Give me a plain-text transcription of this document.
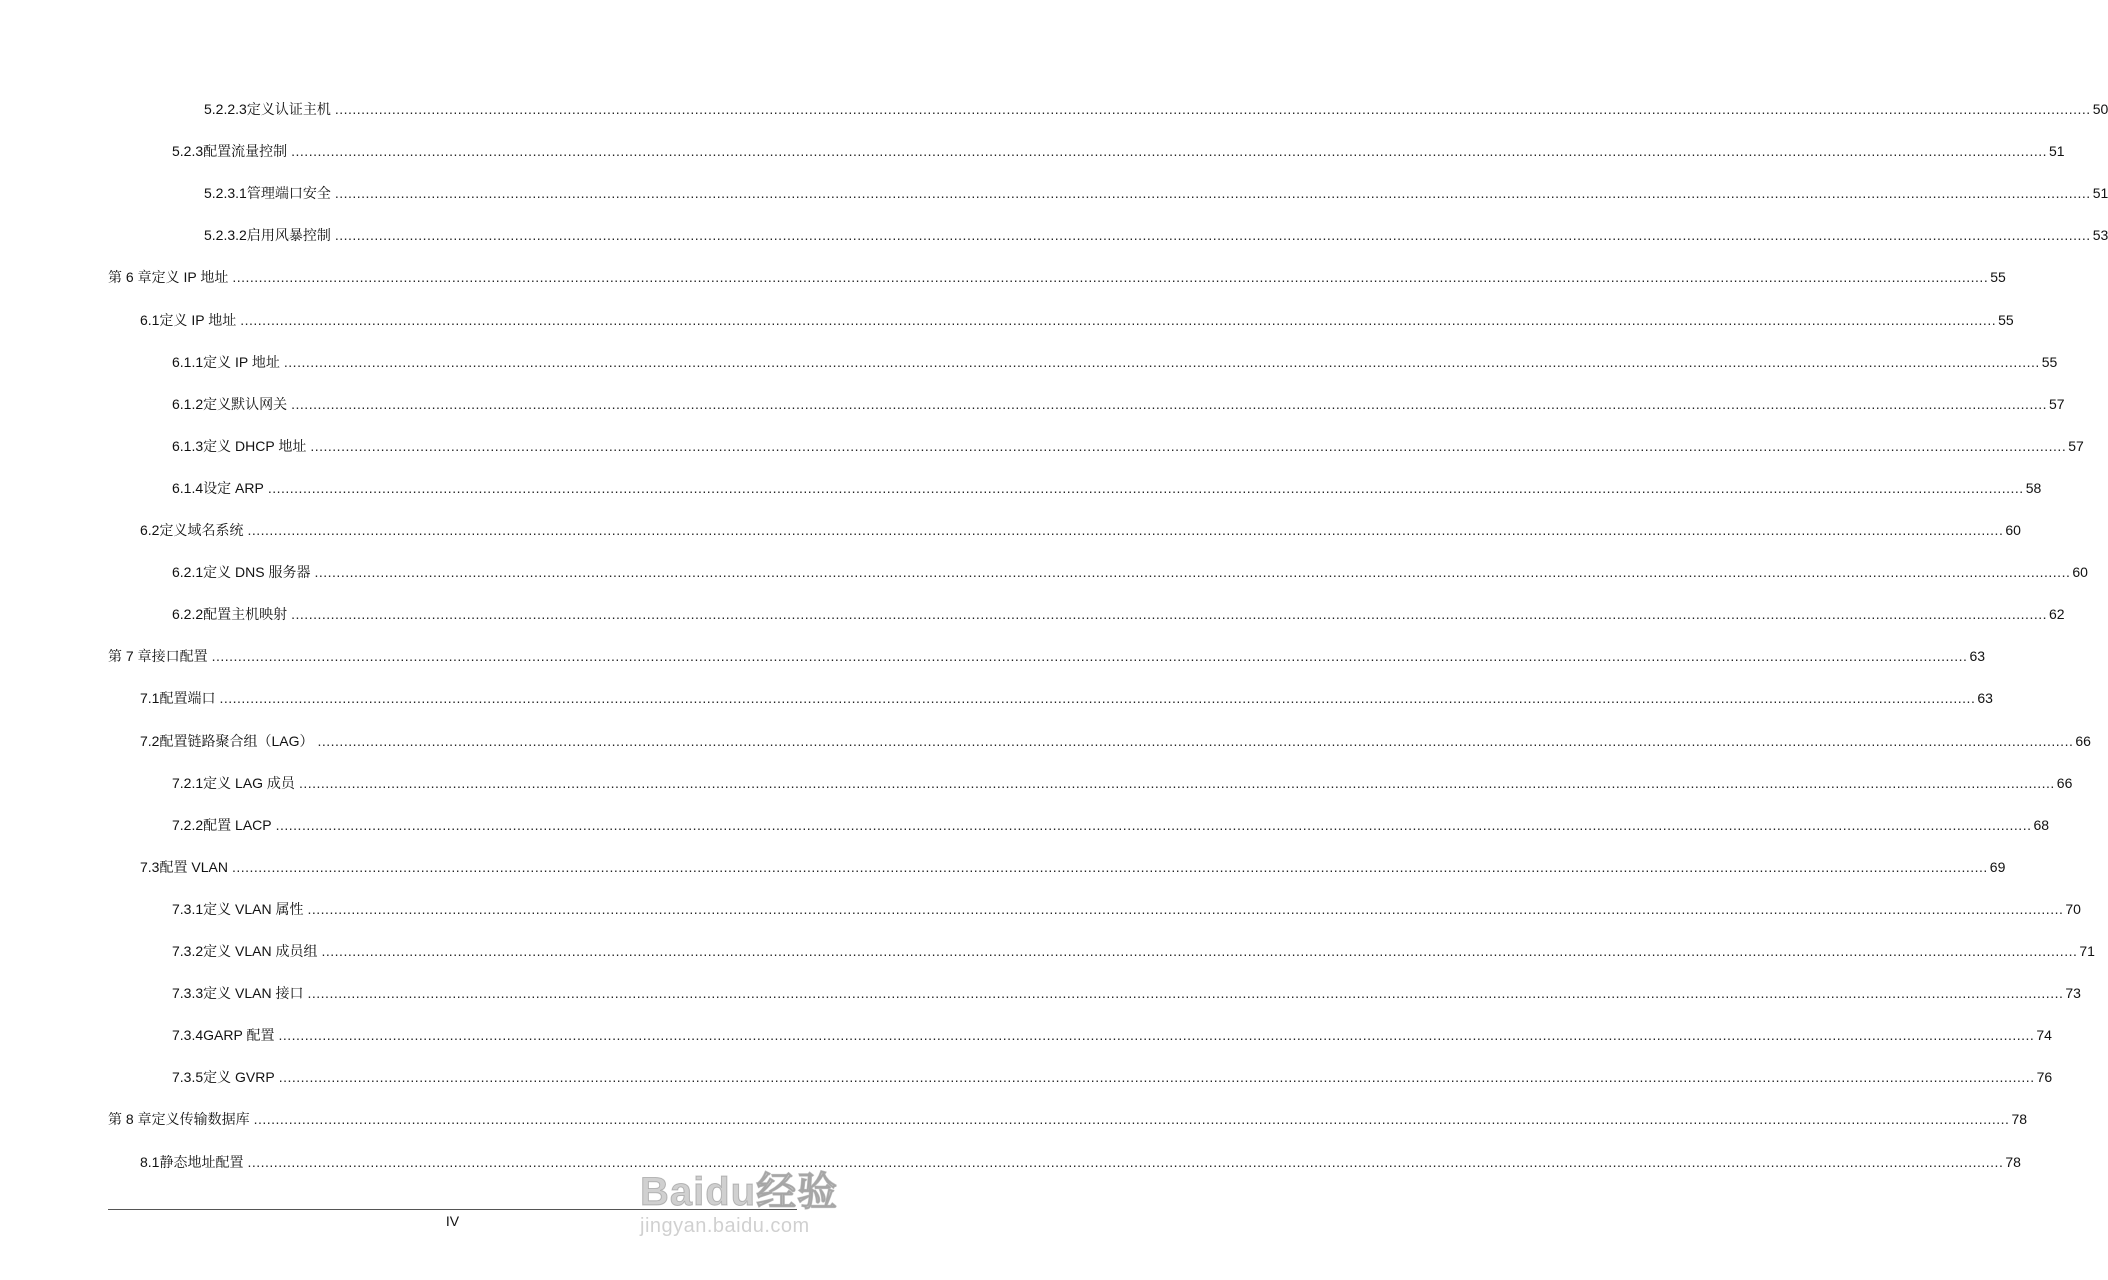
5.2.2.3 定义认证主机 ................................................................................................................................................................................................................................................................................................................................................................................................................ 50
5.2.3 配置流量控制 ................................................................................................................................................................................................................................................................................................................................................................................................................ 51
5.2.3.1 管理端口安全 ................................................................................................................................................................................................................................................................................................................................................................................................................ 51
5.2.3.2 启用风暴控制 ................................................................................................................................................................................................................................................................................................................................................................................................................ 53
第 6 章 定义 IP 地址 ................................................................................................................................................................................................................................................................................................................................................................................................................ 55
6.1 定义 IP 地址 ................................................................................................................................................................................................................................................................................................................................................................................................................ 55
6.1.1 定义 IP 地址 ................................................................................................................................................................................................................................................................................................................................................................................................................ 55
6.1.2 定义默认网关 ................................................................................................................................................................................................................................................................................................................................................................................................................ 57
6.1.3 定义 DHCP 地址 ................................................................................................................................................................................................................................................................................................................................................................................................................ 57
6.1.4 设定 ARP ................................................................................................................................................................................................................................................................................................................................................................................................................ 58
6.2 定义域名系统 ................................................................................................................................................................................................................................................................................................................................................................................................................ 60
6.2.1 定义 DNS 服务器 ................................................................................................................................................................................................................................................................................................................................................................................................................ 60
6.2.2 配置主机映射 ................................................................................................................................................................................................................................................................................................................................................................................................................ 62
第 7 章 接口配置 ................................................................................................................................................................................................................................................................................................................................................................................................................ 63
7.1 配置端口 ................................................................................................................................................................................................................................................................................................................................................................................................................ 63
7.2 配置链路聚合组（LAG） ................................................................................................................................................................................................................................................................................................................................................................................................................ 66
7.2.1 定义 LAG 成员 ................................................................................................................................................................................................................................................................................................................................................................................................................ 66
7.2.2 配置 LACP ................................................................................................................................................................................................................................................................................................................................................................................................................ 68
7.3 配置 VLAN ................................................................................................................................................................................................................................................................................................................................................................................................................ 69
7.3.1 定义 VLAN 属性 ................................................................................................................................................................................................................................................................................................................................................................................................................ 70
7.3.2 定义 VLAN 成员组 ................................................................................................................................................................................................................................................................................................................................................................................................................ 71
7.3.3 定义 VLAN 接口 ................................................................................................................................................................................................................................................................................................................................................................................................................ 73
7.3.4 GARP 配置 ................................................................................................................................................................................................................................................................................................................................................................................................................ 74
7.3.5 定义 GVRP ................................................................................................................................................................................................................................................................................................................................................................................................................ 76
第 8 章 定义传输数据库 ................................................................................................................................................................................................................................................................................................................................................................................................................ 78
8.1 静态地址配置 ................................................................................................................................................................................................................................................................................................................................................................................................................ 78
IV
Baidu经验
jingyan.baidu.com
